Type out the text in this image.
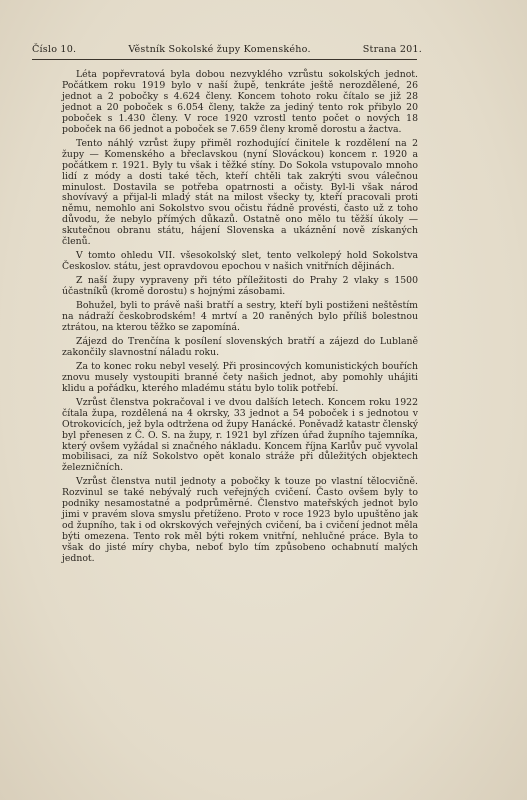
Číslo 10.	Věstník Sokolské župy Komenského.	Strana 201.

Léta popřevratová byla dobou nezvyklého vzrůstu sokolských jednot. Počátkem roku 1919 bylo v naší župě, tenkráte ještě nerozdělené, 26 jednot a 2 pobočky s 4.624 členy. Koncem tohoto roku čítalo se již 28 jednot a 20 poboček s 6.054 členy, takže za jediný tento rok přibylo 20 poboček s 1.430 členy. V roce 1920 vzrostl tento počet o nových 18 poboček na 66 jednot a poboček se 7.659 členy kromě dorostu a žactva.

Tento náhlý vzrůst župy přiměl rozhodující činitele k rozdělení na 2 župy — Komenského a břeclavskou (nyní Slováckou) koncem r. 1920 a počátkem r. 1921. Byly tu však i těžké stíny. Do Sokola vstupovalo mnoho lidí z módy a dosti také těch, kteří chtěli tak zakrýti svou válečnou minulost. Dostavila se potřeba opatrnosti a očisty. Byl-li však národ shovívavý a přijal-li mladý stát na milost všecky ty, kteří pracovali proti němu, nemohlo ani Sokolstvo svou očistu řádně provésti, často už z toho důvodu, že nebylo přímých důkazů. Ostatně ono mělo tu těžší úkoly — skutečnou obranu státu, hájení Slovenska a ukáznění nově získaných členů.

V tomto ohledu VII. všesokolský slet, tento velkolepý hold Sokolstva Českoslov. státu, jest opravdovou epochou v našich vnitřních dějinách.

Z naší župy vypraveny při této příležitosti do Prahy 2 vlaky s 1500 účastníků (kromě dorostu) s hojnými zásobami.

Bohužel, byli to právě naši bratří a sestry, kteří byli postiženi neštěstím na nádraží českobrodském! 4 mrtví a 20 raněných bylo příliš bolestnou ztrátou, na kterou těžko se zapomíná.

Zájezd do Trenčína k posílení slovenských bratří a zájezd do Lublaně zakončily slavnostní náladu roku.

Za to konec roku nebyl veselý. Při prosincových komunistických bouřích znovu musely vystoupiti branné čety našich jednot, aby pomohly uhájiti klidu a pořádku, kterého mladému státu bylo tolik potřebí.

Vzrůst členstva pokračoval i ve dvou dalších letech. Koncem roku 1922 čítala župa, rozdělená na 4 okrsky, 33 jednot a 54 poboček i s jednotou v Otrokovicích, jež byla odtržena od župy Hanácké. Poněvadž katastr členský byl přenesen z Č. O. S. na župy, r. 1921 byl zřízen úřad župního tajemníka, který ovšem vyžádal si značného nákladu. Koncem října Karlův puč vyvolal mobilisaci, za níž Sokolstvo opět konalo stráže při důležitých objektech železničních.

Vzrůst členstva nutil jednoty a pobočky k touze po vlastní tělocvičně. Rozvinul se také nebývalý ruch veřejných cvičení. Často ovšem byly to podniky nesamostatné a podprůměrné. Členstvo mateřských jednot bylo jimi v pravém slova smyslu přetíženo. Proto v roce 1923 bylo upuštěno jak od župního, tak i od okrskových veřejných cvičení, ba i cvičení jednot měla býti omezena. Tento rok měl býti rokem vnitřní, nehlučné práce. Byla to však do jisté míry chyba, neboť bylo tím způsobeno ochabnutí malých jednot.
